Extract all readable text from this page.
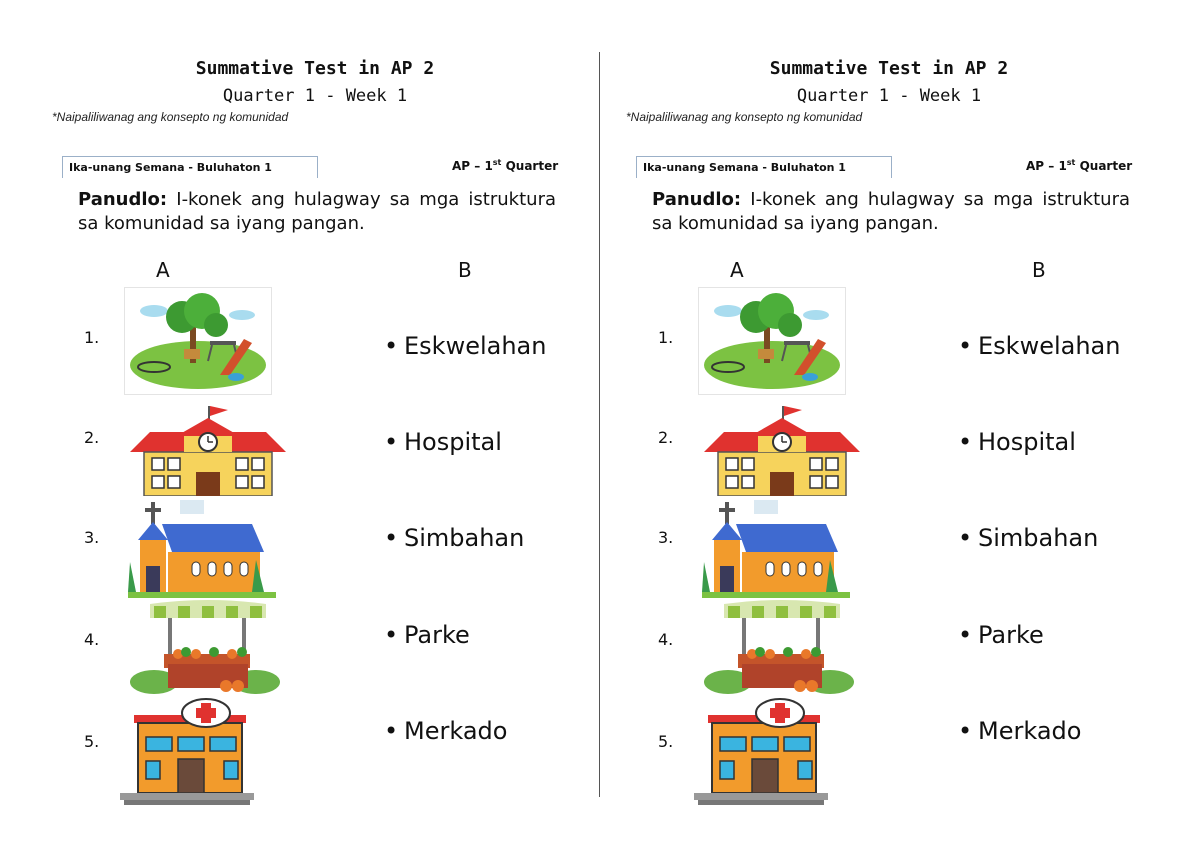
Summative Test in AP 2
Quarter 1 - Week 1
*Naipaliliwanag ang konsepto ng komunidad
Ika-unang Semana - Buluhaton 1	AP – 1st Quarter
Panudlo: I-konek ang hulagway sa mga istruktura sa komunidad sa iyang pangan.
A	B
1.
2.
3.
4.
5.
• Eskwelahan
• Hospital
• Simbahan
• Parke
• Merkado
Summative Test in AP 2
Quarter 1 - Week 1
*Naipaliliwanag ang konsepto ng komunidad
Ika-unang Semana - Buluhaton 1	AP – 1st Quarter
Panudlo: I-konek ang hulagway sa mga istruktura sa komunidad sa iyang pangan.
A	B
1.
2.
3.
4.
5.
• Eskwelahan
• Hospital
• Simbahan
• Parke
• Merkado
